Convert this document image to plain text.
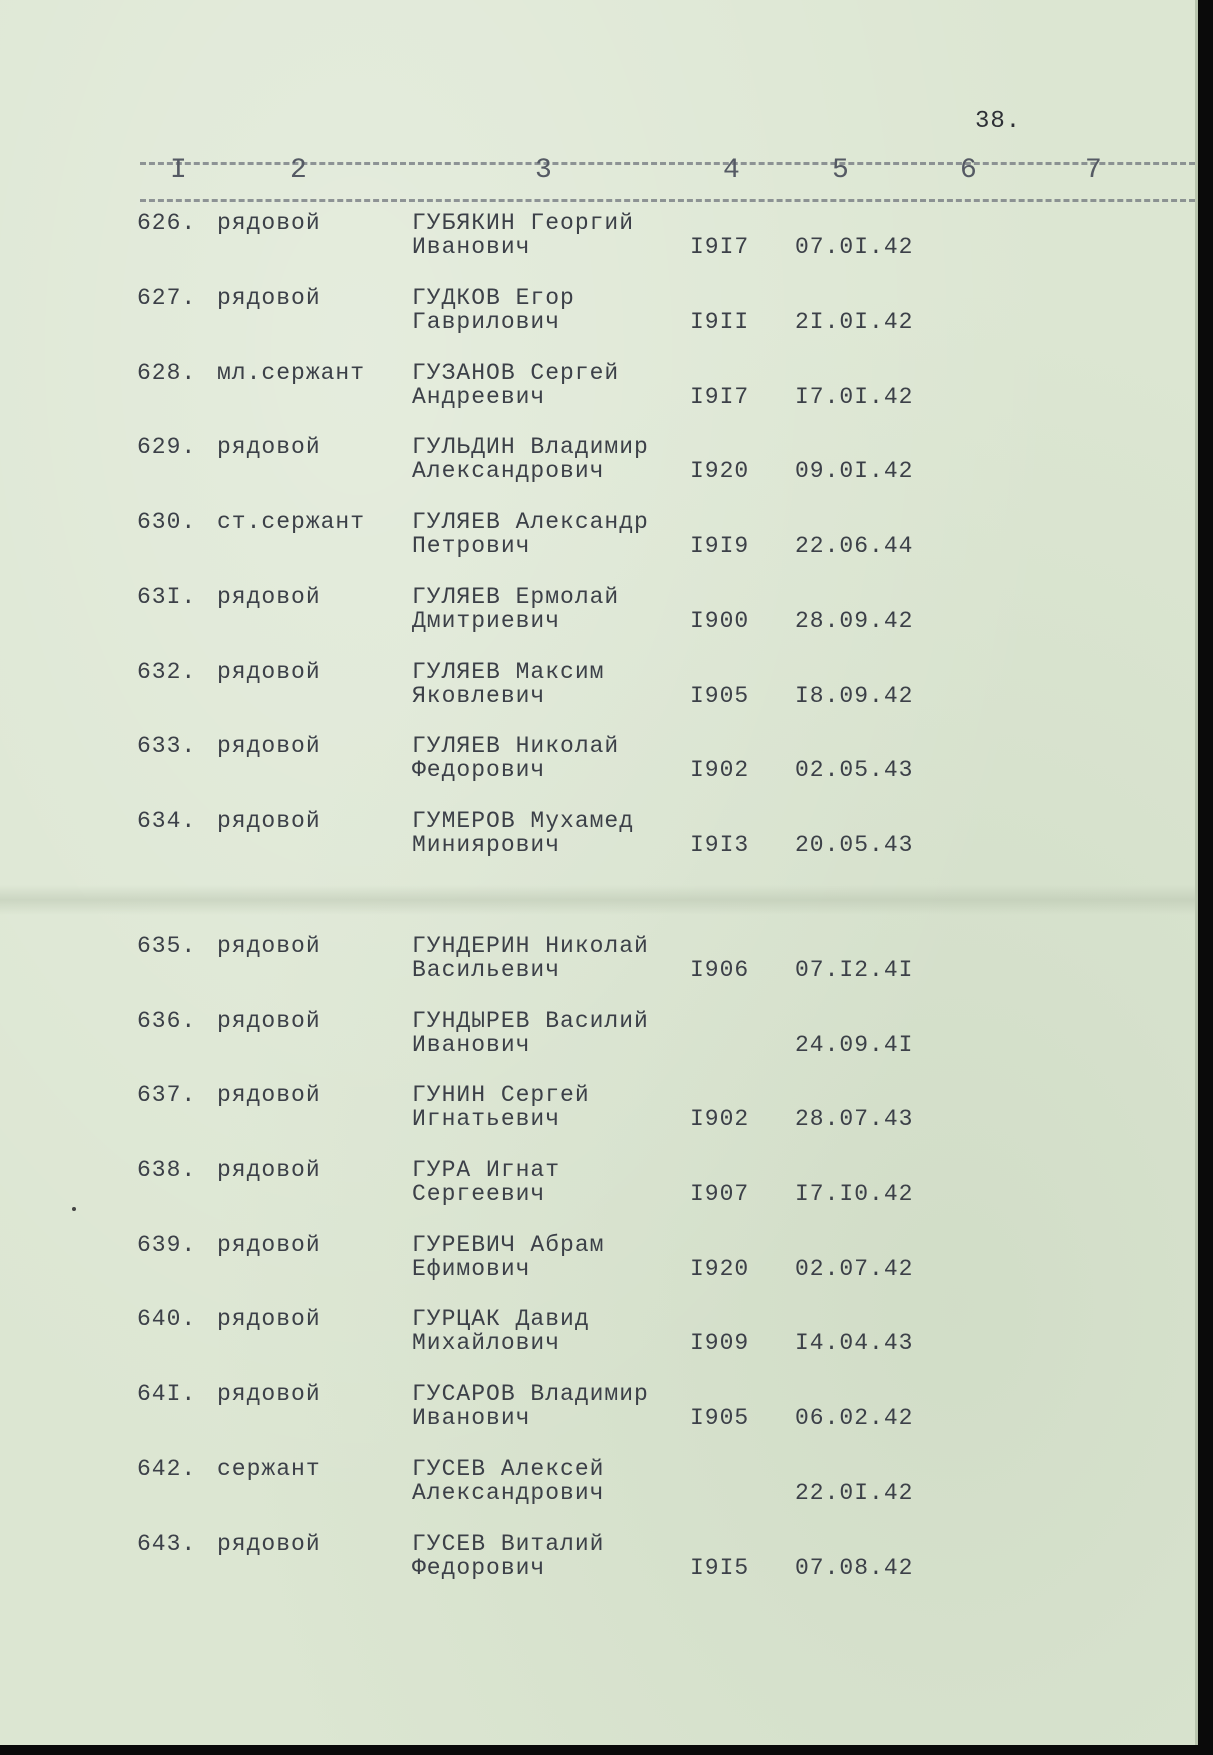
38.
I	2	3	4	5	6	7
626. рядовой	ГУБЯКИН Георгий
Иванович	I9I7 07.0I.42
627. рядовой	ГУДКОВ Егор
Гаврилович	I9II 2I.0I.42
628. мл.сержант ГУЗАНОВ Сергей
Андреевич	I9I7 I7.0I.42
629. рядовой	ГУЛЬДИН Владимир
Александрович	I920 09.0I.42
630. ст.сержант ГУЛЯЕВ Александр
Петрович	I9I9 22.06.44
63I. рядовой	ГУЛЯЕВ Ермолай
Дмитриевич	I900 28.09.42
632. рядовой	ГУЛЯЕВ Максим
Яковлевич	I905 I8.09.42
633. рядовой	ГУЛЯЕВ Николай
Федорович	I902 02.05.43
634. рядовой	ГУМЕРОВ Мухамед
Миниярович	I9I3 20.05.43
635. рядовой	ГУНДЕРИН Николай
Васильевич	I906 07.I2.4I
636. рядовой	ГУНДЫРЕВ Василий
Иванович	24.09.4I
637. рядовой	ГУНИН Сергей
Игнатьевич	I902 28.07.43
638. рядовой	ГУРА Игнат
Сергеевич	I907 I7.I0.42
639. рядовой	ГУРЕВИЧ Абрам
Ефимович	I920 02.07.42
640. рядовой	ГУРЦАК Давид
Михайлович	I909 I4.04.43
64I. рядовой	ГУСАРОВ Владимир
Иванович	I905 06.02.42
642. сержант	ГУСЕВ Алексей
Александрович	22.0I.42
643. рядовой	ГУСЕВ Виталий
Федорович	I9I5 07.08.42
